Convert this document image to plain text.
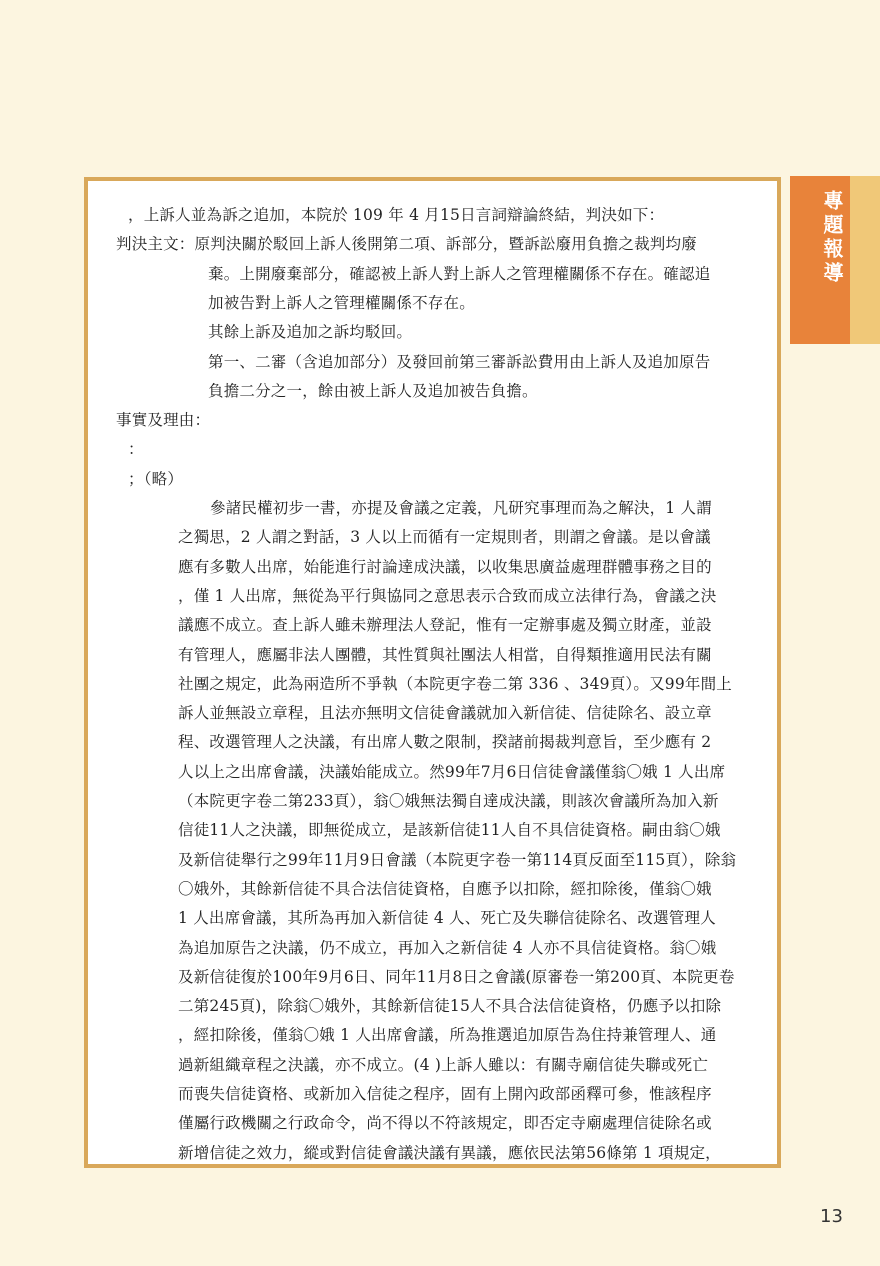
，上訴人並為訴之追加，本院於 109 年 4 月15日言詞辯論終結，判決如下：
判決主文：原判決關於駁回上訴人後開第二項、訴部分，暨訴訟廢用負擔之裁判均廢
棄。上開廢棄部分，確認被上訴人對上訴人之管理權關係不存在。確認追
加被告對上訴人之管理權關係不存在。
其餘上訴及追加之訴均駁回。
第一、二審（含追加部分）及發回前第三審訴訟費用由上訴人及追加原告
負擔二分之一，餘由被上訴人及追加被告負擔。
事實及理由：
：
；（略）
參諸民權初步一書，亦提及會議之定義，凡研究事理而為之解決，1 人謂
之獨思，2 人謂之對話，3 人以上而循有一定規則者，則謂之會議。是以會議
應有多數人出席，始能進行討論達成決議，以收集思廣益處理群體事務之目的
，僅 1 人出席，無從為平行與協同之意思表示合致而成立法律行為，會議之決
議應不成立。查上訴人雖未辦理法人登記，惟有一定辦事處及獨立財產，並設
有管理人，應屬非法人團體，其性質與社團法人相當，自得類推適用民法有關
社團之規定，此為兩造所不爭執（本院更字卷二第 336 、349頁）。又99年間上
訴人並無設立章程，且法亦無明文信徒會議就加入新信徒、信徒除名、設立章
程、改選管理人之決議，有出席人數之限制，揆諸前揭裁判意旨，至少應有 2
人以上之出席會議，決議始能成立。然99年7月6日信徒會議僅翁〇娥 1 人出席
（本院更字卷二第233頁），翁〇娥無法獨自達成決議，則該次會議所為加入新
信徒11人之決議，即無從成立，是該新信徒11人自不具信徒資格。嗣由翁〇娥
及新信徒舉行之99年11月9日會議（本院更字卷一第114頁反面至115頁），除翁
〇娥外，其餘新信徒不具合法信徒資格，自應予以扣除，經扣除後，僅翁〇娥
1 人出席會議，其所為再加入新信徒 4 人、死亡及失聯信徒除名、改選管理人
為追加原告之決議，仍不成立，再加入之新信徒 4 人亦不具信徒資格。翁〇娥
及新信徒復於100年9月6日、同年11月8日之會議(原審卷一第200頁、本院更卷
二第245頁)，除翁〇娥外，其餘新信徒15人不具合法信徒資格，仍應予以扣除
，經扣除後，僅翁〇娥 1 人出席會議，所為推選追加原告為住持兼管理人、通
過新組織章程之決議，亦不成立。(4 )上訴人雖以：有關寺廟信徒失聯或死亡
而喪失信徒資格、或新加入信徒之程序，固有上開內政部函釋可參，惟該程序
僅屬行政機關之行政命令，尚不得以不符該規定，即否定寺廟處理信徒除名或
新增信徒之效力，縱或對信徒會議決議有異議，應依民法第56條第 1 項規定，
專題報導
13
